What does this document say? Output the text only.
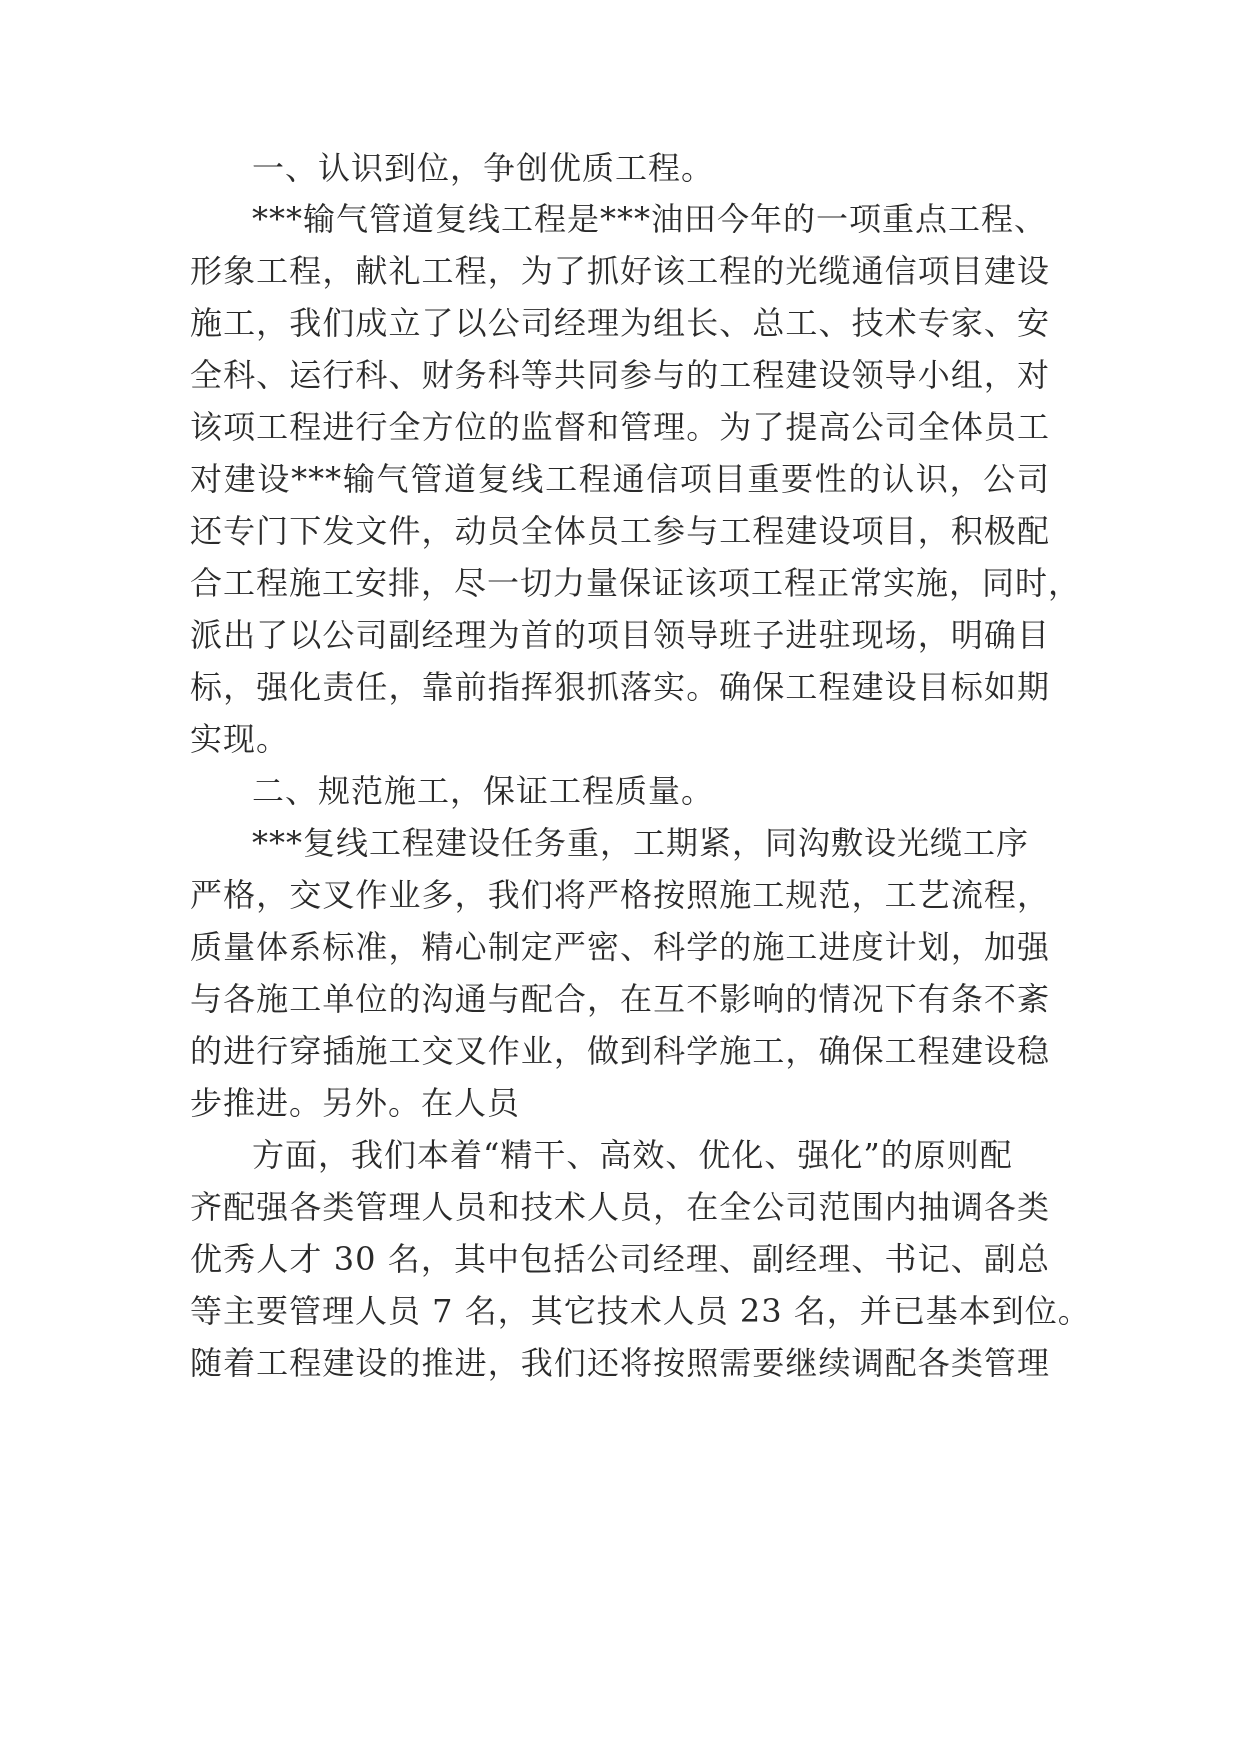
一、认识到位，争创优质工程。
***输气管道复线工程是***油田今年的一项重点工程、
形象工程，献礼工程，为了抓好该工程的光缆通信项目建设
施工，我们成立了以公司经理为组长、总工、技术专家、安
全科、运行科、财务科等共同参与的工程建设领导小组，对
该项工程进行全方位的监督和管理。为了提高公司全体员工
对建设***输气管道复线工程通信项目重要性的认识，公司
还专门下发文件，动员全体员工参与工程建设项目，积极配
合工程施工安排，尽一切力量保证该项工程正常实施，同时，
派出了以公司副经理为首的项目领导班子进驻现场，明确目
标，强化责任，靠前指挥狠抓落实。确保工程建设目标如期
实现。
二、规范施工，保证工程质量。
***复线工程建设任务重，工期紧，同沟敷设光缆工序
严格，交叉作业多，我们将严格按照施工规范，工艺流程，
质量体系标准，精心制定严密、科学的施工进度计划，加强
与各施工单位的沟通与配合，在互不影响的情况下有条不紊
的进行穿插施工交叉作业，做到科学施工，确保工程建设稳
步推进。另外。在人员
方面，我们本着“精干、高效、优化、强化”的原则配
齐配强各类管理人员和技术人员，在全公司范围内抽调各类
优秀人才 30 名，其中包括公司经理、副经理、书记、副总
等主要管理人员 7 名，其它技术人员 23 名，并已基本到位。
随着工程建设的推进，我们还将按照需要继续调配各类管理
